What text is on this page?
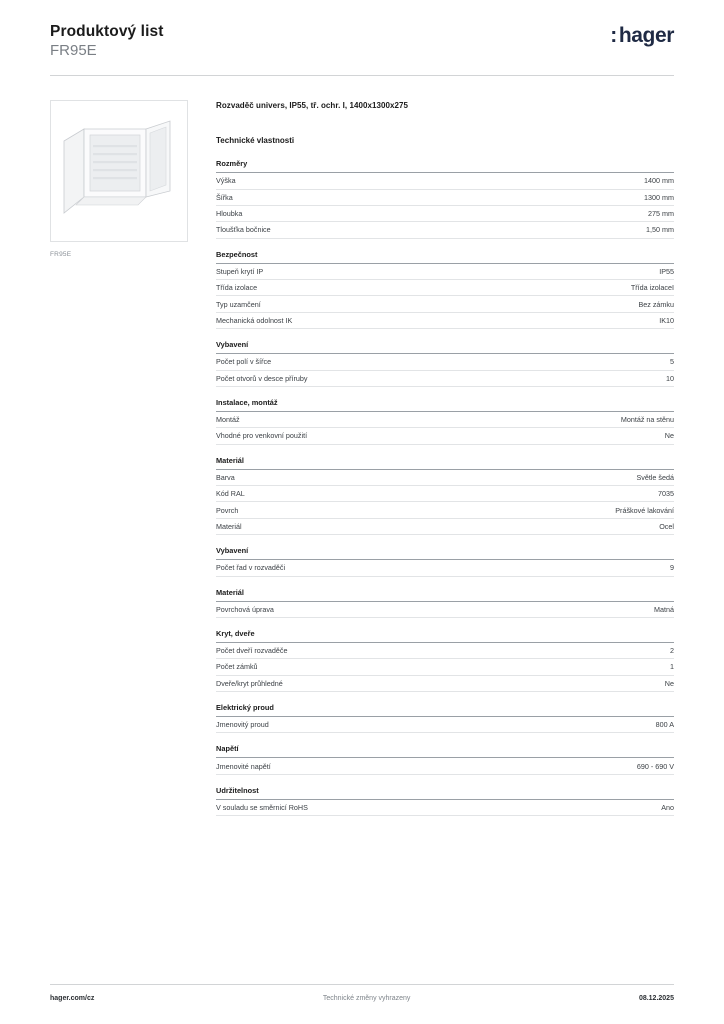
Produktový list
FR95E
: hager
FR95E
Rozvaděč univers, IP55, tř. ochr. I, 1400x1300x275
Technické vlastnosti
Rozměry
Výška	1400 mm
Šířka	1300 mm
Hloubka	275 mm
Tloušťka bočnice	1,50 mm
Bezpečnost
Stupeň krytí IP	IP55
Třída izolace	Třída izolaceI
Typ uzamčení	Bez zámku
Mechanická odolnost IK	IK10
Vybavení
Počet polí v šířce	5
Počet otvorů v desce příruby	10
Instalace, montáž
Montáž	Montáž na stěnu
Vhodné pro venkovní použití	Ne
Materiál
Barva	Světle šedá
Kód RAL	7035
Povrch	Práškové lakování
Materiál	Ocel
Vybavení
Počet řad v rozvaděči	9
Materiál
Povrchová úprava	Matná
Kryt, dveře
Počet dveří rozvaděče	2
Počet zámků	1
Dveře/kryt průhledné	Ne
Elektrický proud
Jmenovitý proud	800 A
Napětí
Jmenovité napětí	690 - 690 V
Udržitelnost
V souladu se směrnicí RoHS	Ano
hager.com/cz	Technické změny vyhrazeny	08.12.2025
